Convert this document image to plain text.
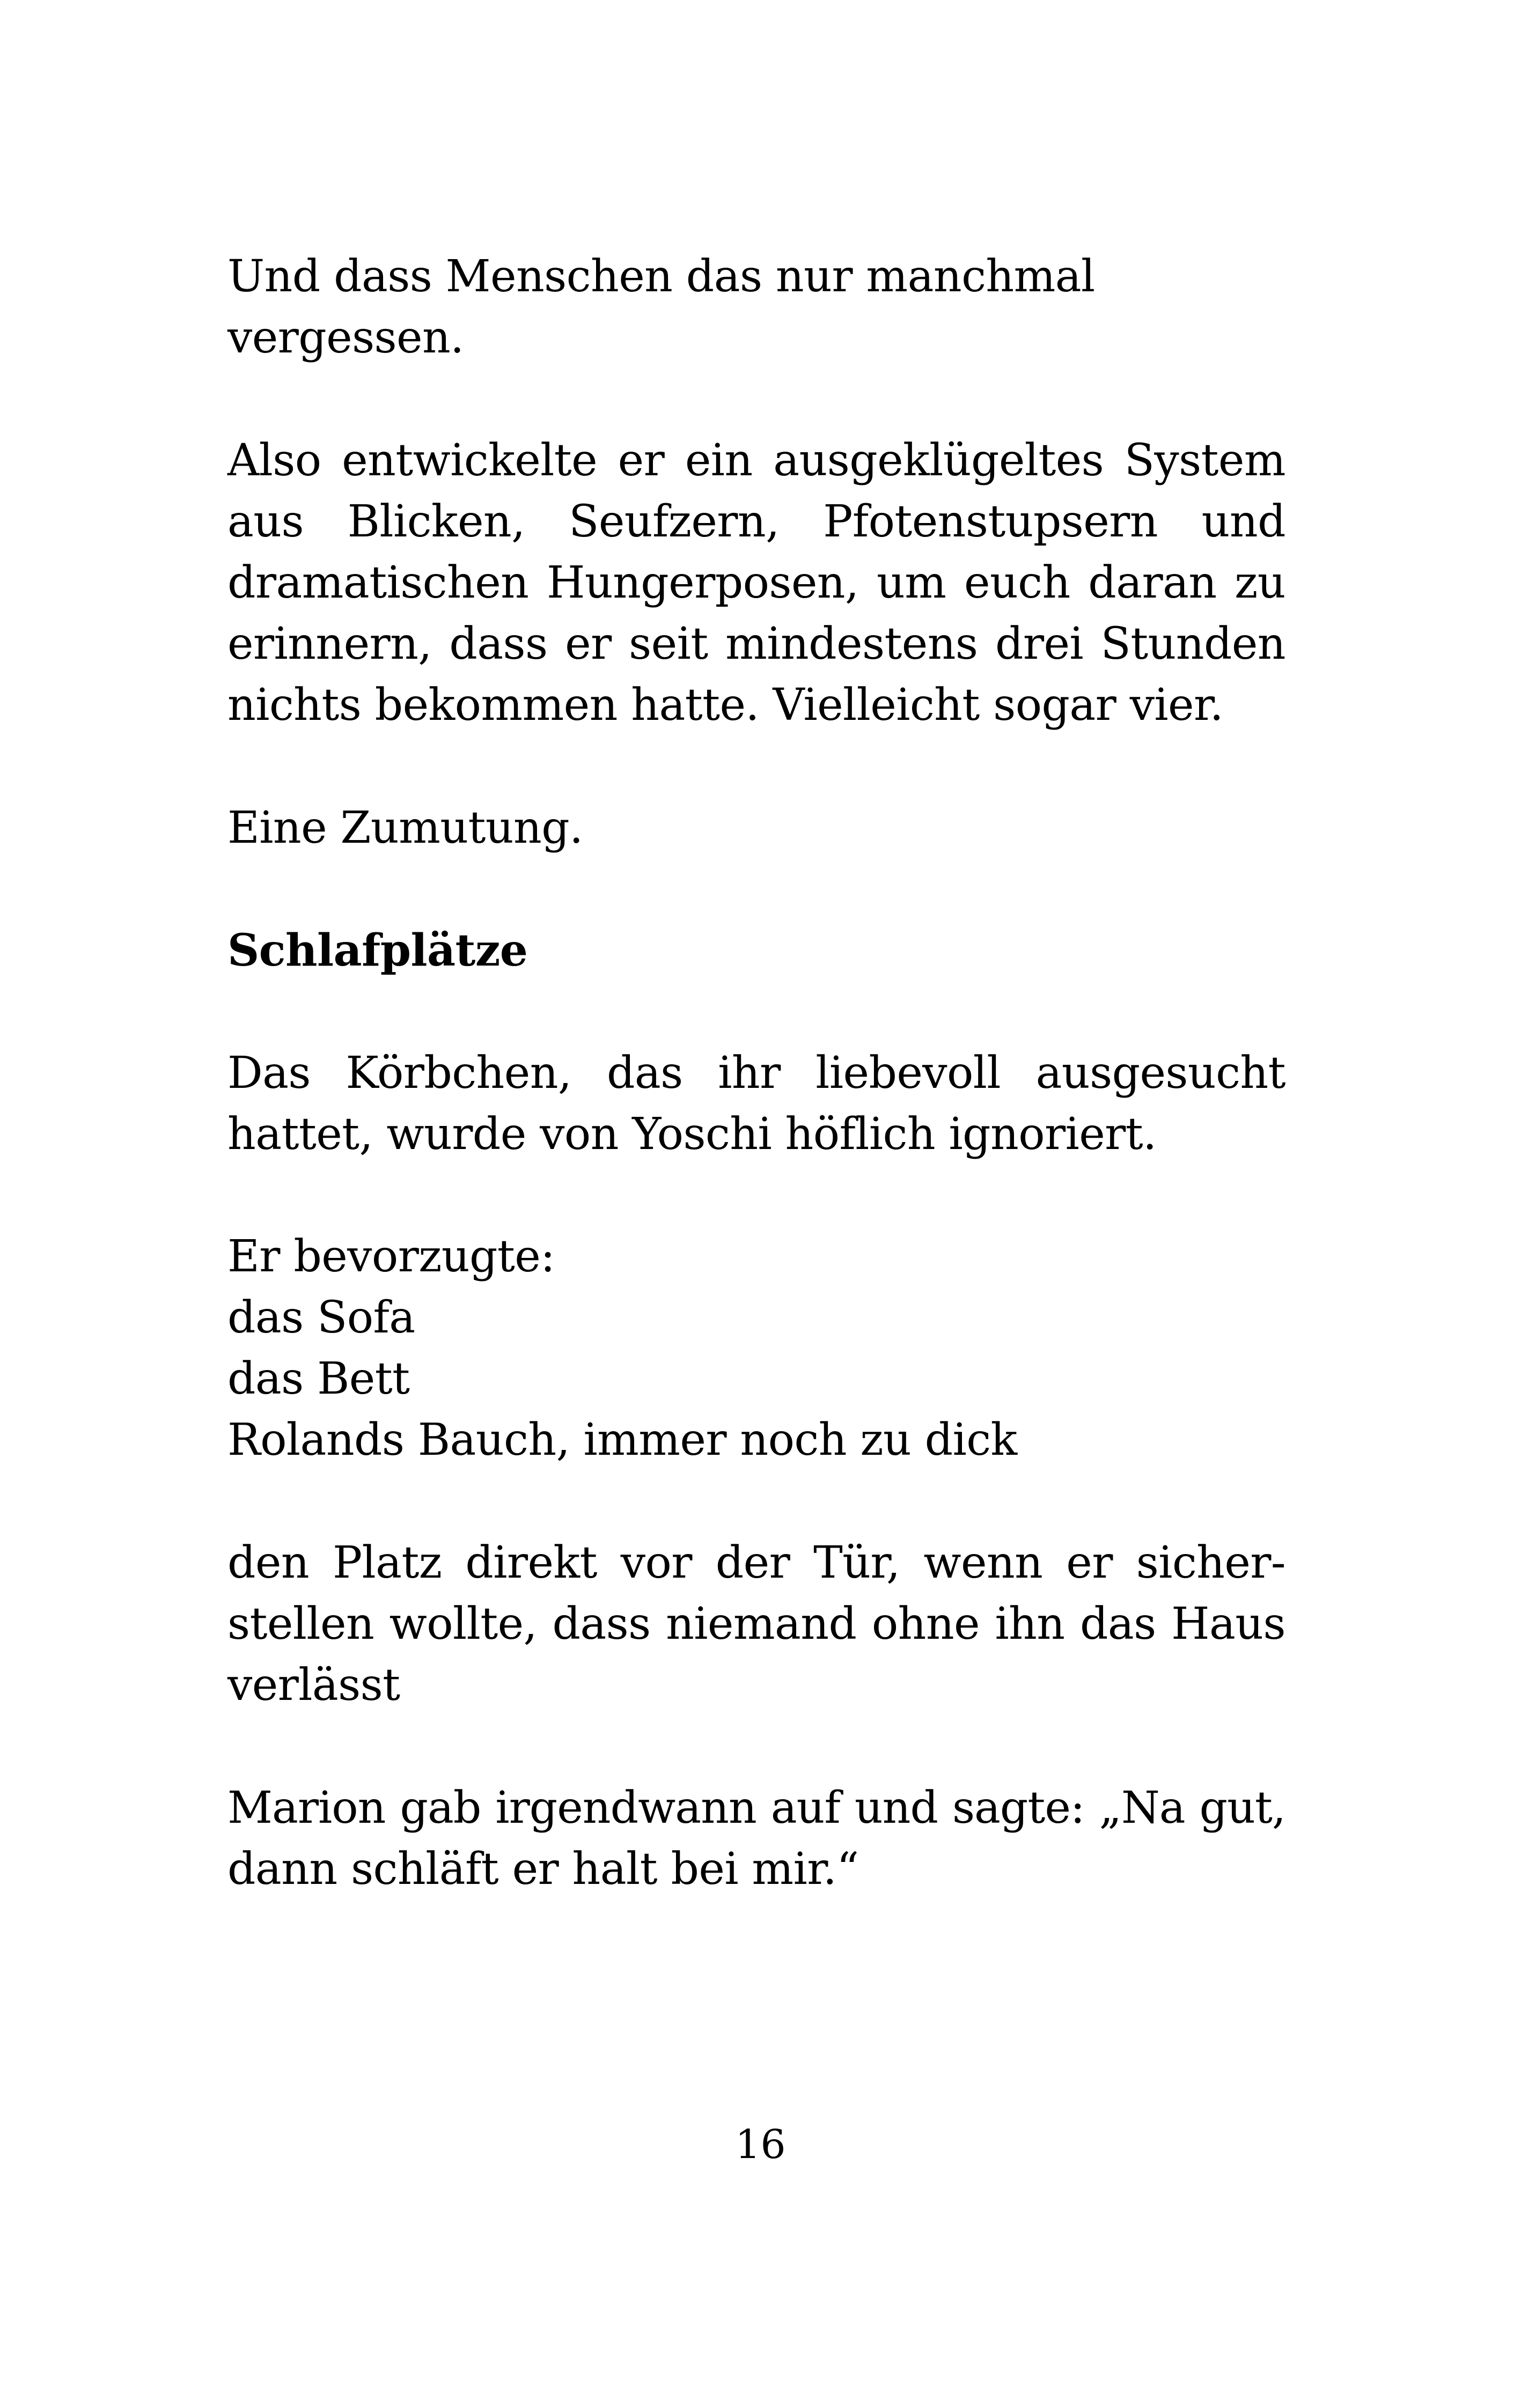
Und dass Menschen das nur manchmal
vergessen.
Also entwickelte er ein ausgeklügeltes System
aus Blicken, Seufzern, Pfotenstupsern und
dramatischen Hungerposen, um euch daran zu
erinnern, dass er seit mindestens drei Stunden
nichts bekommen hatte. Vielleicht sogar vier.
Eine Zumutung.
Schlafplätze
Das Körbchen, das ihr liebevoll ausgesucht
hattet, wurde von Yoschi höflich ignoriert.
Er bevorzugte:
das Sofa
das Bett
Rolands Bauch, immer noch zu dick
den Platz direkt vor der Tür, wenn er sicher-
stellen wollte, dass niemand ohne ihn das Haus
verlässt
Marion gab irgendwann auf und sagte: „Na gut,
dann schläft er halt bei mir.“
16
